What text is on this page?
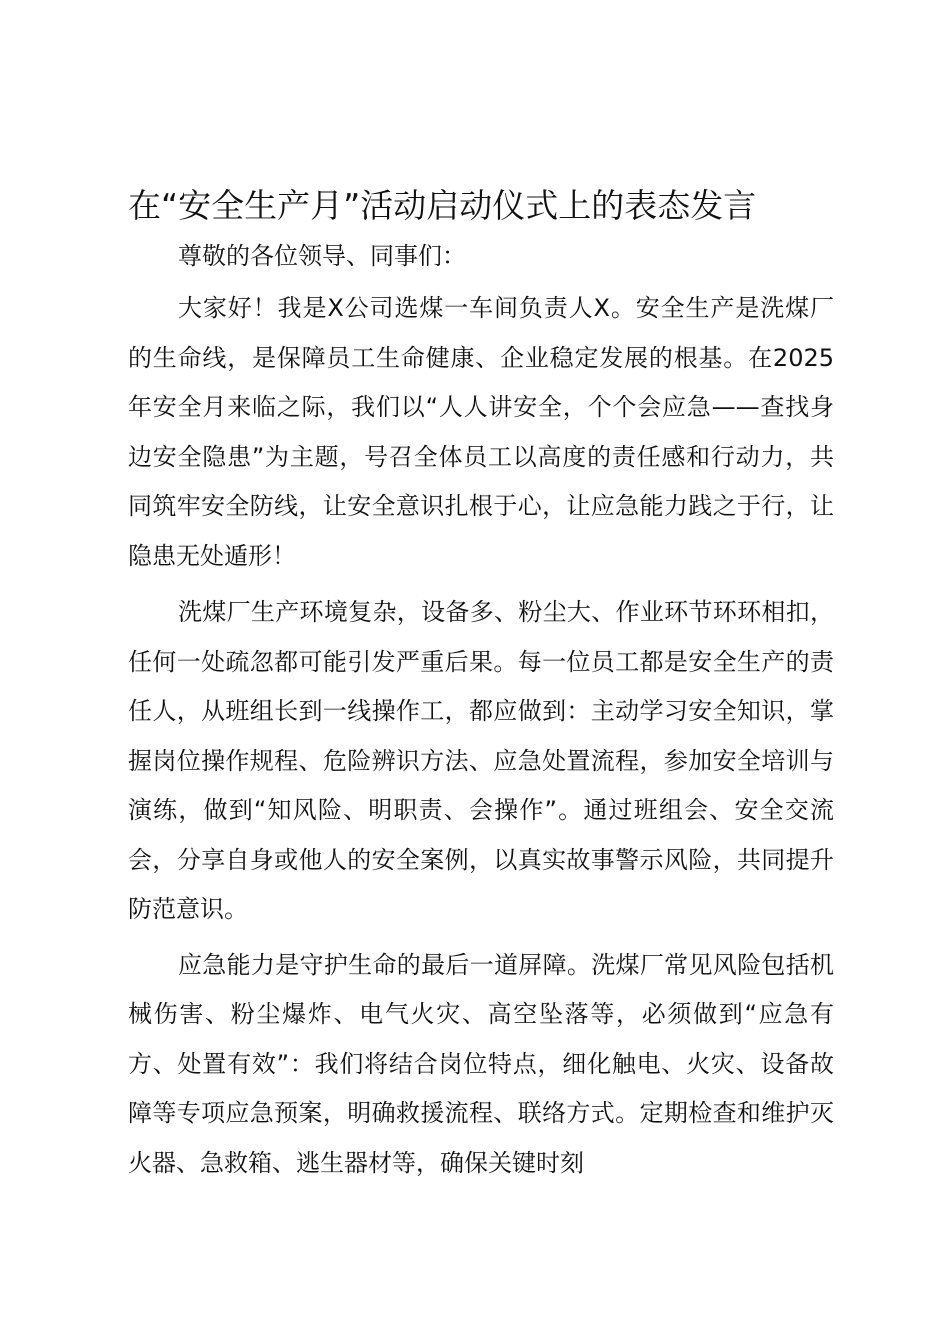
在“安全生产月”活动启动仪式上的表态发言

尊敬的各位领导、同事们：

大家好！我是X公司选煤一车间负责人X。安全生产是洗煤厂的生命线，是保障员工生命健康、企业稳定发展的根基。在2025年安全月来临之际，我们以“人人讲安全，个个会应急——查找身边安全隐患”为主题，号召全体员工以高度的责任感和行动力，共同筑牢安全防线，让安全意识扎根于心，让应急能力践之于行，让隐患无处遁形！

洗煤厂生产环境复杂，设备多、粉尘大、作业环节环环相扣，任何一处疏忽都可能引发严重后果。每一位员工都是安全生产的责任人，从班组长到一线操作工，都应做到：主动学习安全知识，掌握岗位操作规程、危险辨识方法、应急处置流程，参加安全培训与演练，做到“知风险、明职责、会操作”。通过班组会、安全交流会，分享自身或他人的安全案例，以真实故事警示风险，共同提升防范意识。

应急能力是守护生命的最后一道屏障。洗煤厂常见风险包括机械伤害、粉尘爆炸、电气火灾、高空坠落等，必须做到“应急有方、处置有效”：我们将结合岗位特点，细化触电、火灾、设备故障等专项应急预案，明确救援流程、联络方式。定期检查和维护灭火器、急救箱、逃生器材等，确保关键时刻
